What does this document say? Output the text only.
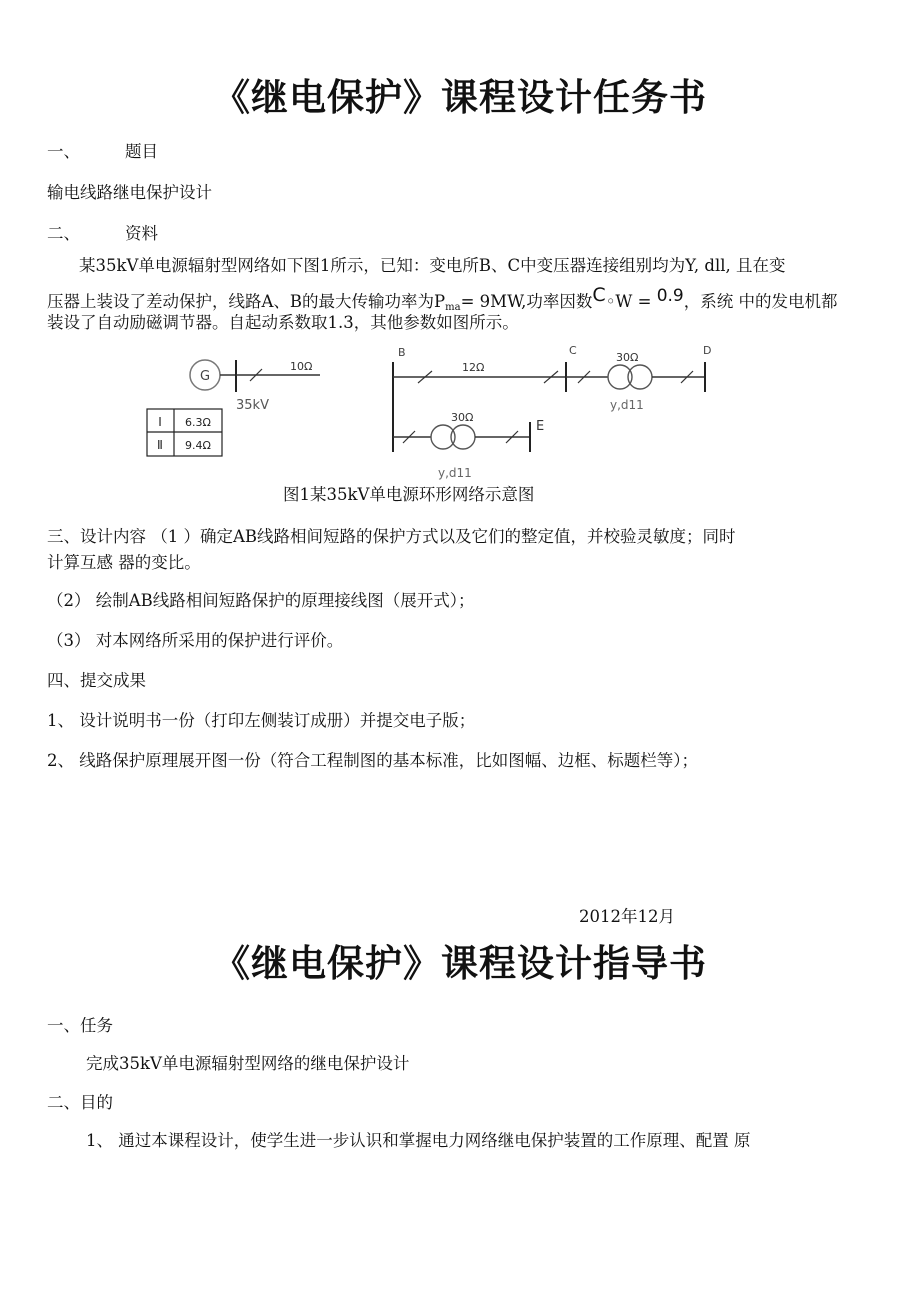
《继电保护》课程设计任务书
一、	题目
输电线路继电保护设计
二、	资料
某35kV单电源辐射型网络如下图1所示，已知：变电所B、C中变压器连接组别均为Y, dll, 且在变
压器上装设了差动保护，线路A、B的最大传输功率为$P_{ma}= 9MW$,功率因数C◦W = 0.9，系统 中的发电机都
装设了自动励磁调节器。自起动系数取1.3，其他参数如图所示。
G
10Ω
35kV
Ⅰ 6.3Ω
Ⅱ 9.4Ω
B
12Ω
C
30Ω
y,d11
D
30Ω
E
y,d11
图1某35kV单电源环形网络示意图
三、设计内容 （1 ）确定AB线路相间短路的保护方式以及它们的整定值，并校验灵敏度；同时
计算互感 器的变比。
（2） 绘制AB线路相间短路保护的原理接线图（展开式）；
（3） 对本网络所采用的保护进行评价。
四、提交成果
1、 设计说明书一份（打印左侧装订成册）并提交电子版；
2、 线路保护原理展开图一份（符合工程制图的基本标准，比如图幅、边框、标题栏等）；
2012年12月
《继电保护》课程设计指导书
一、任务
完成35kV单电源辐射型网络的继电保护设计
二、目的
1、 通过本课程设计，使学生进一步认识和掌握电力网络继电保护装置的工作原理、配置 原
